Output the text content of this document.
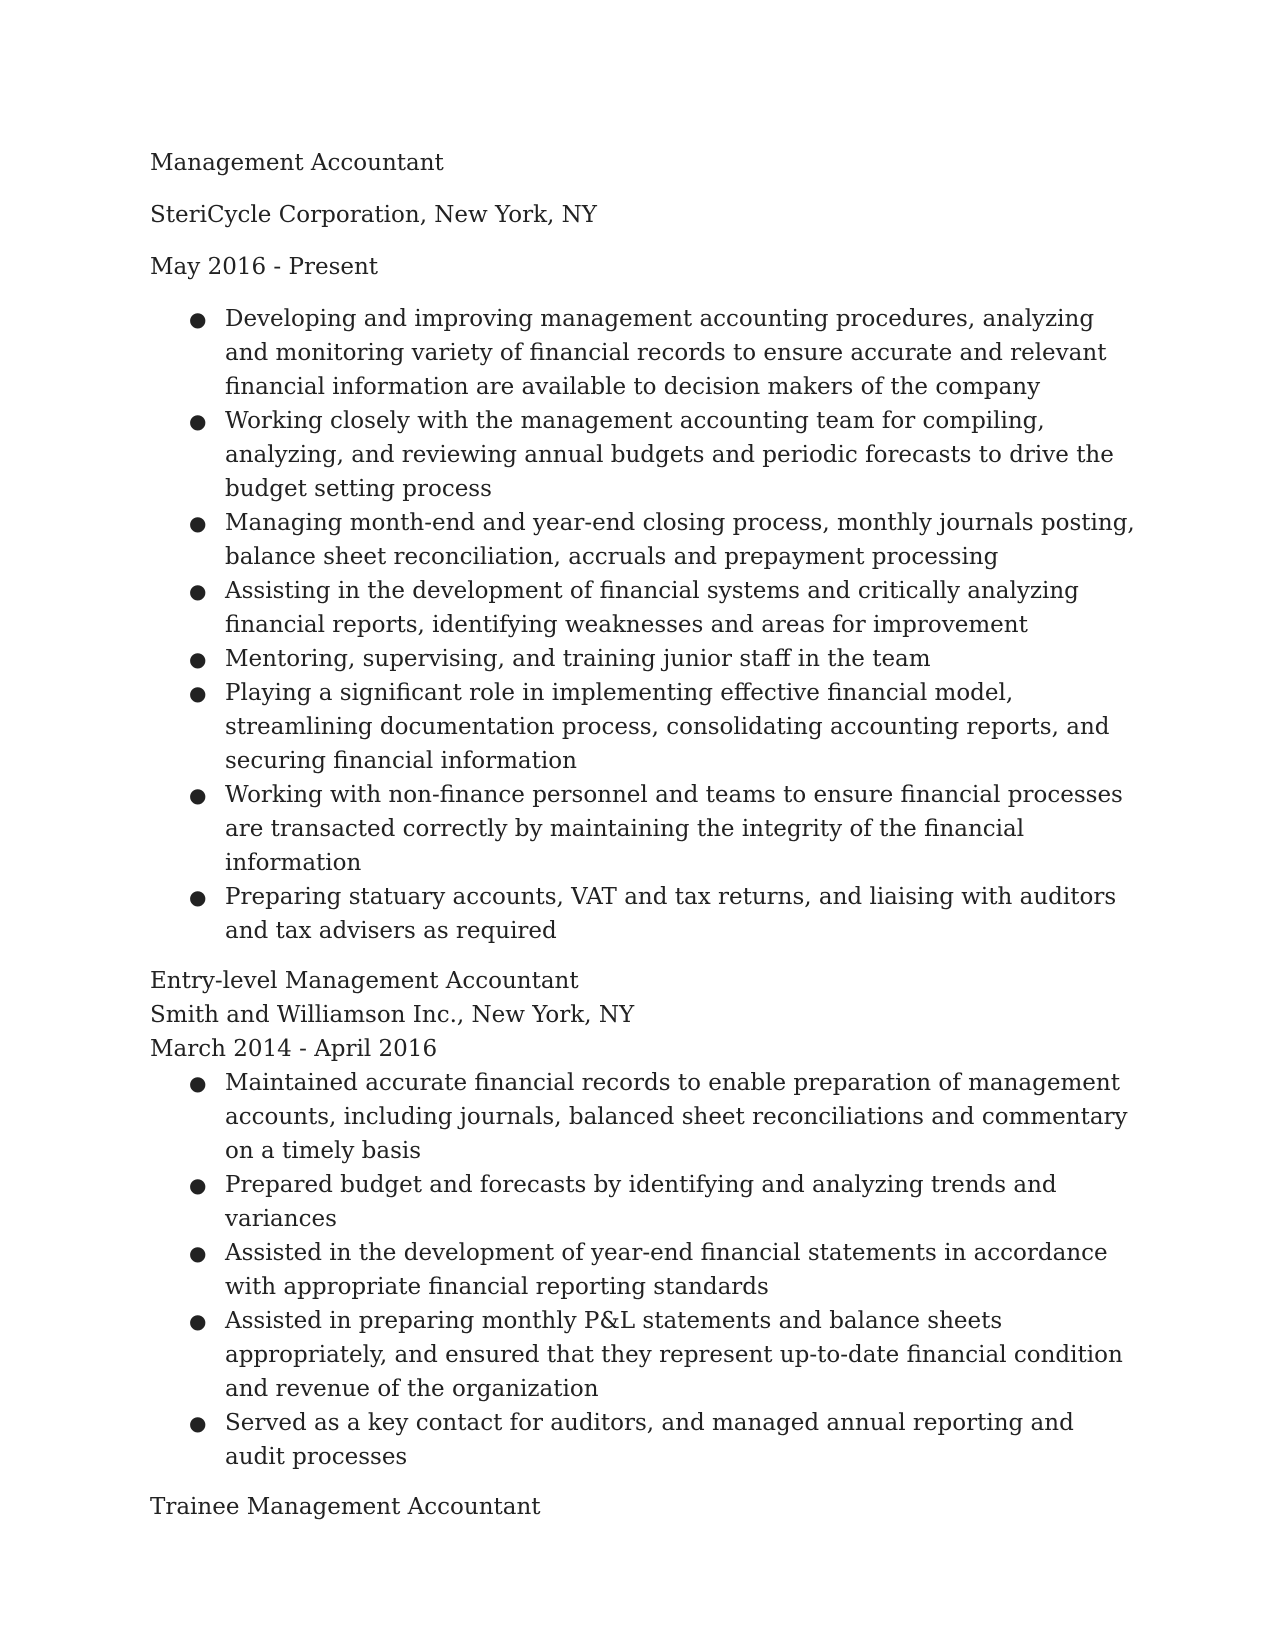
Management Accountant

SteriCycle Corporation, New York, NY

May 2016 - Present

● Developing and improving management accounting procedures, analyzing and monitoring variety of financial records to ensure accurate and relevant financial information are available to decision makers of the company
● Working closely with the management accounting team for compiling, analyzing, and reviewing annual budgets and periodic forecasts to drive the budget setting process
● Managing month-end and year-end closing process, monthly journals posting, balance sheet reconciliation, accruals and prepayment processing
● Assisting in the development of financial systems and critically analyzing financial reports, identifying weaknesses and areas for improvement
● Mentoring, supervising, and training junior staff in the team
● Playing a significant role in implementing effective financial model, streamlining documentation process, consolidating accounting reports, and securing financial information
● Working with non-finance personnel and teams to ensure financial processes are transacted correctly by maintaining the integrity of the financial information
● Preparing statuary accounts, VAT and tax returns, and liaising with auditors and tax advisers as required

Entry-level Management Accountant

Smith and Williamson Inc., New York, NY

March 2014 - April 2016

● Maintained accurate financial records to enable preparation of management accounts, including journals, balanced sheet reconciliations and commentary on a timely basis
● Prepared budget and forecasts by identifying and analyzing trends and variances
● Assisted in the development of year-end financial statements in accordance with appropriate financial reporting standards
● Assisted in preparing monthly P&L statements and balance sheets appropriately, and ensured that they represent up-to-date financial condition and revenue of the organization
● Served as a key contact for auditors, and managed annual reporting and audit processes

Trainee Management Accountant
